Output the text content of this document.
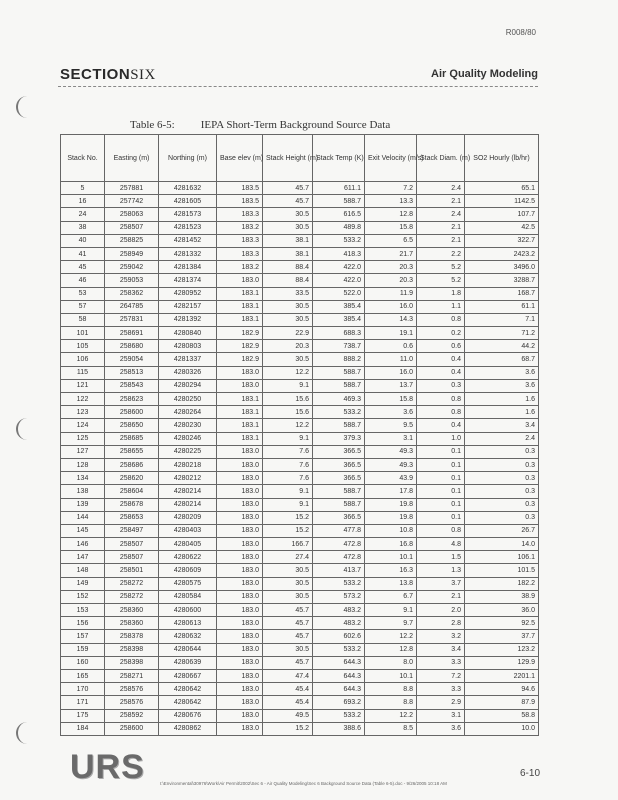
R008/80
SECTIONSIX	Air Quality Modeling
Table 6-5: IEPA Short-Term Background Source Data
Stack No.	Easting (m)	Northing (m)	Base elev (m)	Stack Height (m)	Stack Temp (K)	Exit Velocity (m/s)	Stack Diam. (m)	SO2 Hourly (lb/hr)
5	257881	4281632	183.5	45.7	611.1	7.2	2.4	65.1
16	257742	4281605	183.5	45.7	588.7	13.3	2.1	1142.5
24	258063	4281573	183.3	30.5	616.5	12.8	2.4	107.7
38	258507	4281523	183.2	30.5	489.8	15.8	2.1	42.5
40	258825	4281452	183.3	38.1	533.2	6.5	2.1	322.7
41	258949	4281332	183.3	38.1	418.3	21.7	2.2	2423.2
45	259042	4281384	183.2	88.4	422.0	20.3	5.2	3496.0
46	259053	4281374	183.0	88.4	422.0	20.3	5.2	3288.7
53	258362	4280952	183.1	33.5	522.0	11.9	1.8	168.7
57	264785	4282157	183.1	30.5	385.4	16.0	1.1	61.1
58	257831	4281392	183.1	30.5	385.4	14.3	0.8	7.1
101	258691	4280840	182.9	22.9	688.3	19.1	0.2	71.2
105	258680	4280803	182.9	20.3	738.7	0.6	0.6	44.2
106	259054	4281337	182.9	30.5	888.2	11.0	0.4	68.7
115	258513	4280326	183.0	12.2	588.7	16.0	0.4	3.6
121	258543	4280294	183.0	9.1	588.7	13.7	0.3	3.6
122	258623	4280250	183.1	15.6	469.3	15.8	0.8	1.6
123	258600	4280264	183.1	15.6	533.2	3.6	0.8	1.6
124	258650	4280230	183.1	12.2	588.7	9.5	0.4	3.4
125	258685	4280246	183.1	9.1	379.3	3.1	1.0	2.4
127	258655	4280225	183.0	7.6	366.5	49.3	0.1	0.3
128	258686	4280218	183.0	7.6	366.5	49.3	0.1	0.3
134	258620	4280212	183.0	7.6	366.5	43.9	0.1	0.3
138	258604	4280214	183.0	9.1	588.7	17.8	0.1	0.3
139	258678	4280214	183.0	9.1	588.7	19.8	0.1	0.3
144	258653	4280209	183.0	15.2	366.5	19.8	0.1	0.3
145	258497	4280403	183.0	15.2	477.8	10.8	0.8	26.7
146	258507	4280405	183.0	166.7	472.8	16.8	4.8	14.0
147	258507	4280622	183.0	27.4	472.8	10.1	1.5	106.1
148	258501	4280609	183.0	30.5	413.7	16.3	1.3	101.5
149	258272	4280575	183.0	30.5	533.2	13.8	3.7	182.2
152	258272	4280584	183.0	30.5	573.2	6.7	2.1	38.9
153	258360	4280600	183.0	45.7	483.2	9.1	2.0	36.0
156	258360	4280613	183.0	45.7	483.2	9.7	2.8	92.5
157	258378	4280632	183.0	45.7	602.6	12.2	3.2	37.7
159	258398	4280644	183.0	30.5	533.2	12.8	3.4	123.2
160	258398	4280639	183.0	45.7	644.3	8.0	3.3	129.9
165	258271	4280667	183.0	47.4	644.3	10.1	7.2	2201.1
170	258576	4280642	183.0	45.4	644.3	8.8	3.3	94.6
171	258576	4280642	183.0	45.4	693.2	8.8	2.9	87.9
175	258592	4280676	183.0	49.5	533.2	12.2	3.1	58.8
184	258600	4280862	183.0	15.2	388.6	8.5	3.6	10.0
URS	I:\Environmental\30976\Work\Air Permit\2002\Sec 6 - Air Quality Modeling\Sec 6 Background Source Data (Table 6-5).doc - 9/26/2005 10:18 AM
6-10
